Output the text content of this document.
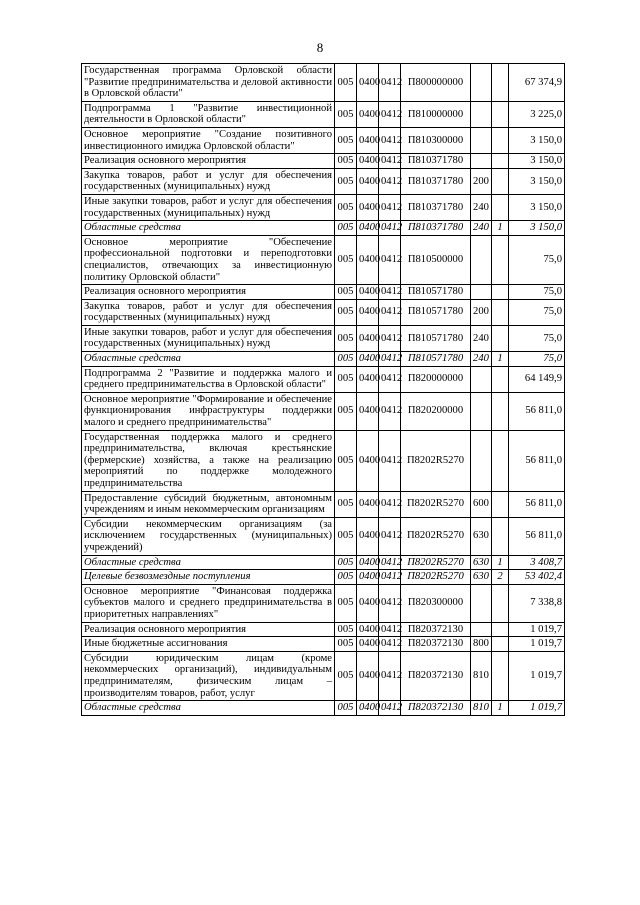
8
Государственная программа Орловской области "Развитие предпринимательства и деловой активности в Орловской области"	005	0400	0412	П800000000			67 374,9
Подпрограмма 1 "Развитие инвестиционной деятельности в Орловской области"	005	0400	0412	П810000000			3 225,0
Основное мероприятие "Создание позитивного инвестиционного имиджа Орловской области"	005	0400	0412	П810300000			3 150,0
Реализация основного мероприятия	005	0400	0412	П810371780			3 150,0
Закупка товаров, работ и услуг для обеспечения государственных (муниципальных) нужд	005	0400	0412	П810371780	200		3 150,0
Иные закупки товаров, работ и услуг для обеспечения государственных (муниципальных) нужд	005	0400	0412	П810371780	240		3 150,0
Областные средства	005	0400	0412	П810371780	240	1	3 150,0
Основное мероприятие "Обеспечение профессиональной подготовки и переподготовки специалистов, отвечающих за инвестиционную политику Орловской области"	005	0400	0412	П810500000			75,0
Реализация основного мероприятия	005	0400	0412	П810571780			75,0
Закупка товаров, работ и услуг для обеспечения государственных (муниципальных) нужд	005	0400	0412	П810571780	200		75,0
Иные закупки товаров, работ и услуг для обеспечения государственных (муниципальных) нужд	005	0400	0412	П810571780	240		75,0
Областные средства	005	0400	0412	П810571780	240	1	75,0
Подпрограмма 2 "Развитие и поддержка малого и среднего предпринимательства в Орловской области"	005	0400	0412	П820000000			64 149,9
Основное мероприятие "Формирование и обеспечение функционирования инфраструктуры поддержки малого и среднего предпринимательства"	005	0400	0412	П820200000			56 811,0
Государственная поддержка малого и среднего предпринимательства, включая крестьянские (фермерские) хозяйства, а также на реализацию мероприятий по поддержке молодежного предпринимательства	005	0400	0412	П8202R5270			56 811,0
Предоставление субсидий бюджетным, автономным учреждениям и иным некоммерческим организациям	005	0400	0412	П8202R5270	600		56 811,0
Субсидии некоммерческим организациям (за исключением государственных (муниципальных) учреждений)	005	0400	0412	П8202R5270	630		56 811,0
Областные средства	005	0400	0412	П8202R5270	630	1	3 408,7
Целевые безвозмездные поступления	005	0400	0412	П8202R5270	630	2	53 402,4
Основное мероприятие "Финансовая поддержка субъектов малого и среднего предпринимательства в приоритетных направлениях"	005	0400	0412	П820300000			7 338,8
Реализация основного мероприятия	005	0400	0412	П820372130			1 019,7
Иные бюджетные ассигнования	005	0400	0412	П820372130	800		1 019,7
Субсидии юридическим лицам (кроме некоммерческих организаций), индивидуальным предпринимателям, физическим лицам – производителям товаров, работ, услуг	005	0400	0412	П820372130	810		1 019,7
Областные средства	005	0400	0412	П820372130	810	1	1 019,7
